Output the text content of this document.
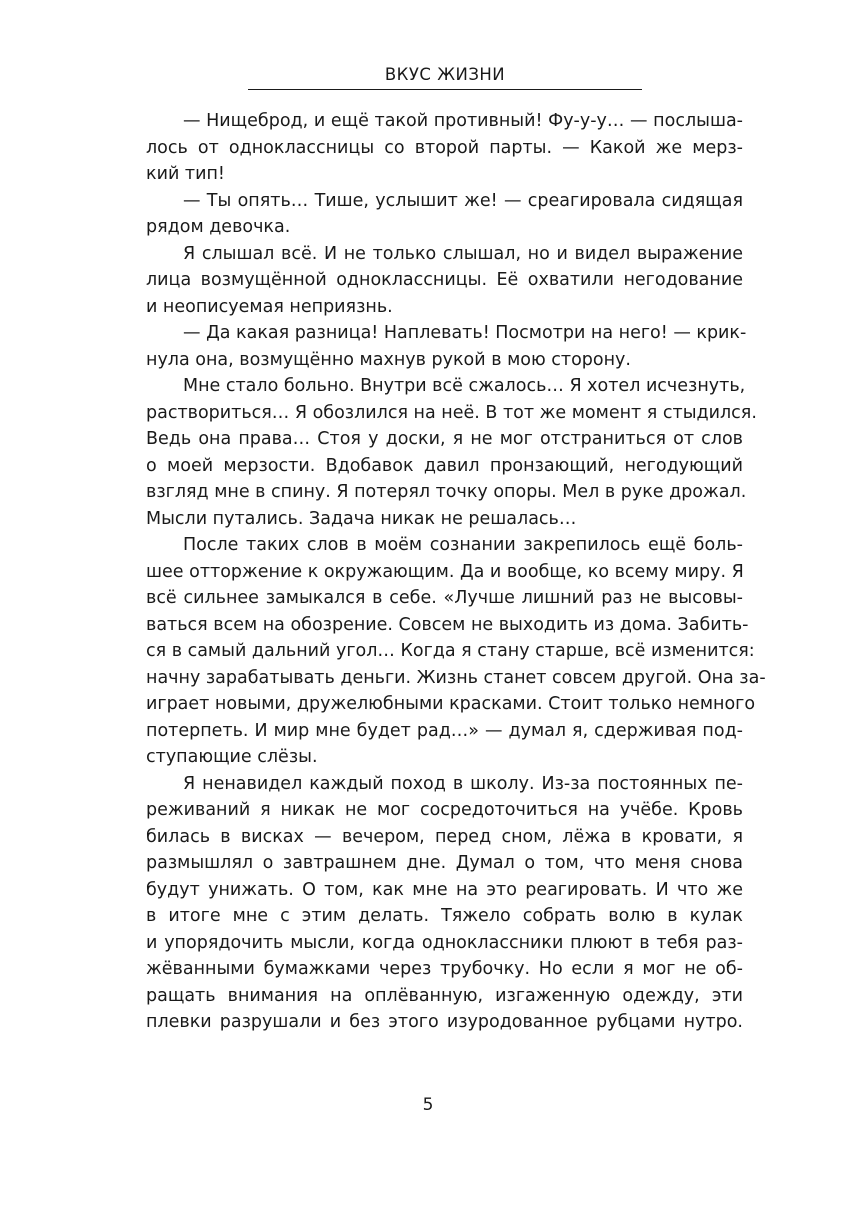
ВКУС ЖИЗНИ

— Нищеброд, и ещё такой противный! Фу-у-у… — послыша-
лось от одноклассницы со второй парты. — Какой же мерз-
кий тип!

— Ты опять… Тише, услышит же! — среагировала сидящая
рядом девочка.

Я слышал всё. И не только слышал, но и видел выражение
лица возмущённой одноклассницы. Её охватили негодование
и неописуемая неприязнь.

— Да какая разница! Наплевать! Посмотри на него! — крик-
нула она, возмущённо махнув рукой в мою сторону.

Мне стало больно. Внутри всё сжалось… Я хотел исчезнуть,
раствориться… Я обозлился на неё. В тот же момент я стыдился.
Ведь она права… Стоя у доски, я не мог отстраниться от слов
о моей мерзости. Вдобавок давил пронзающий, негодующий
взгляд мне в спину. Я потерял точку опоры. Мел в руке дрожал.
Мысли путались. Задача никак не решалась…

После таких слов в моём сознании закрепилось ещё боль-
шее отторжение к окружающим. Да и вообще, ко всему миру. Я
всё сильнее замыкался в себе. «Лучше лишний раз не высовы-
ваться всем на обозрение. Совсем не выходить из дома. Забить-
ся в самый дальний угол… Когда я стану старше, всё изменится:
начну зарабатывать деньги. Жизнь станет совсем другой. Она за-
играет новыми, дружелюбными красками. Стоит только немного
потерпеть. И мир мне будет рад…» — думал я, сдерживая под-
ступающие слёзы.

Я ненавидел каждый поход в школу. Из-за постоянных пе-
реживаний я никак не мог сосредоточиться на учёбе. Кровь
билась в висках — вечером, перед сном, лёжа в кровати, я
размышлял о завтрашнем дне. Думал о том, что меня снова
будут унижать. О том, как мне на это реагировать. И что же
в итоге мне с этим делать. Тяжело собрать волю в кулак
и упорядочить мысли, когда одноклассники плюют в тебя раз-
жёванными бумажками через трубочку. Но если я мог не об-
ращать внимания на оплёванную, изгаженную одежду, эти
плевки разрушали и без этого изуродованное рубцами нутро.

5
